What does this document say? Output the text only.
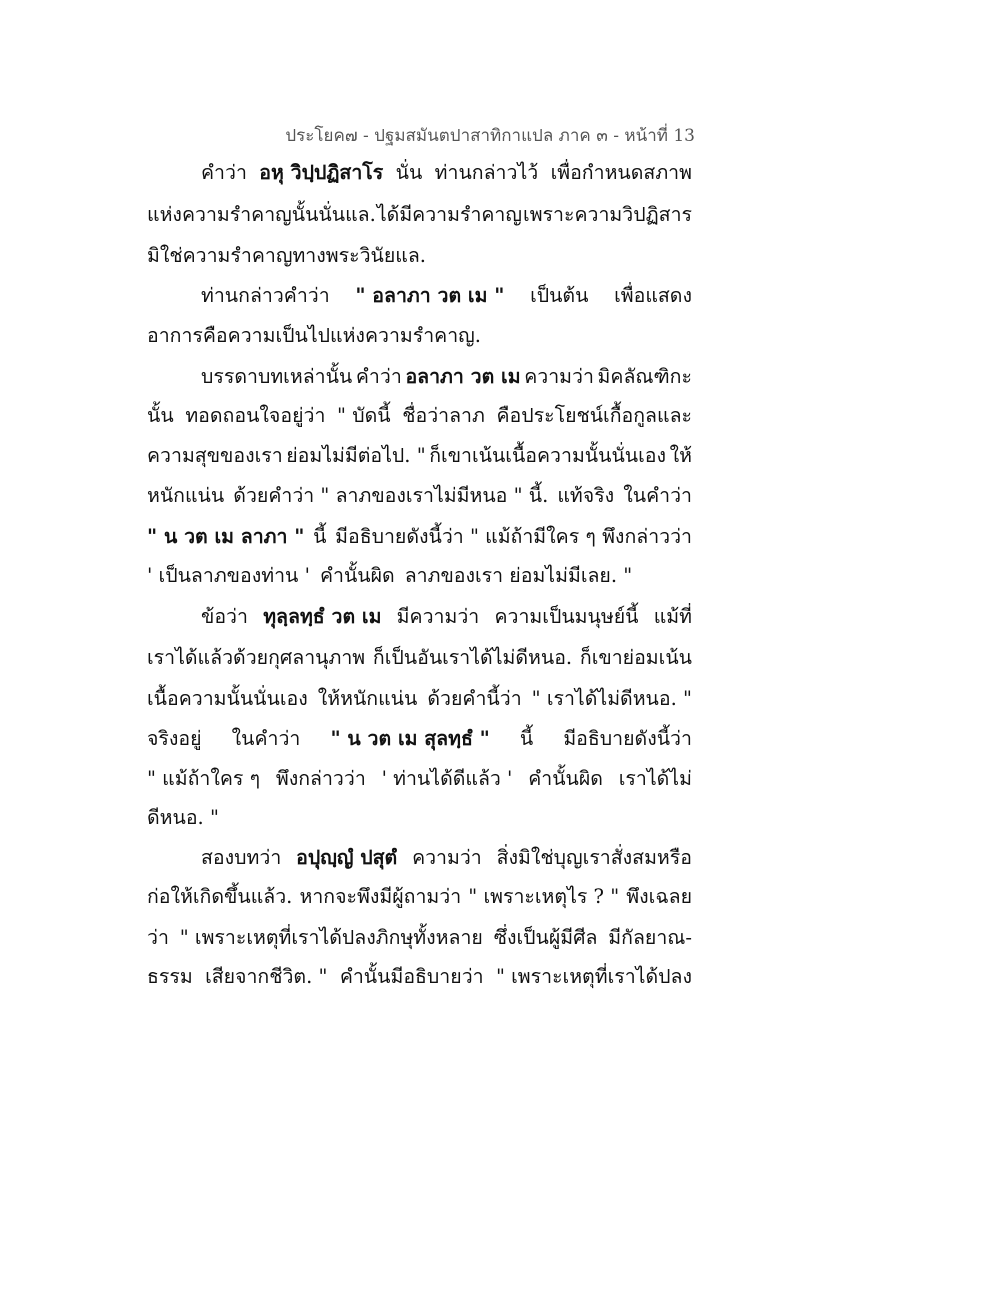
ประโยค๗ - ปฐมสมันตปาสาทิกาแปล ภาค ๓ - หน้าที่ 13
คำว่า อหุ วิปฺปฏิสาโร นั่น ท่านกล่าวไว้ เพื่อกำหนดสภาพ
แห่งความรำคาญนั้นนั่นแล. ได้มีความรำคาญ เพราะความวิปฏิสาร
มิใช่ความรำคาญทางพระวินัยแล.
ท่านกล่าวคำว่า " อลาภา วต เม " เป็นต้น เพื่อแสดง
อาการคือความเป็นไปแห่งความรำคาญ.
บรรดาบทเหล่านั้น คำว่า อลาภา วต เม ความว่า มิคลัณฑิกะ
นั้น ทอดถอนใจอยู่ว่า " บัดนี้ ชื่อว่าลาภ คือประโยชน์เกื้อกูลและ
ความสุขของเรา ย่อมไม่มีต่อไป. " ก็เขาเน้นเนื้อความนั้นนั่นเอง ให้
หนักแน่น ด้วยคำว่า " ลาภของเราไม่มีหนอ " นี้. แท้จริง ในคำว่า
" น วต เม ลาภา " นี้ มีอธิบายดังนี้ว่า " แม้ถ้ามีใคร ๆ พึงกล่าวว่า
' เป็นลาภของท่าน ' คำนั้นผิด ลาภของเรา ย่อมไม่มีเลย. "
ข้อว่า ทุลฺลทฺธํ วต เม มีความว่า ความเป็นมนุษย์นี้ แม้ที่
เราได้แล้วด้วยกุศลานุภาพ ก็เป็นอันเราได้ไม่ดีหนอ. ก็เขาย่อมเน้น
เนื้อความนั้นนั่นเอง ให้หนักแน่น ด้วยคำนี้ว่า " เราได้ไม่ดีหนอ. "
จริงอยู่ ในคำว่า " น วต เม สุลทฺธํ " นี้ มีอธิบายดังนี้ว่า
" แม้ถ้าใคร ๆ พึงกล่าวว่า ' ท่านได้ดีแล้ว ' คำนั้นผิด เราได้ไม่
ดีหนอ. "
สองบทว่า อปุญฺญํ ปสุตํ ความว่า สิ่งมิใช่บุญเราสั่งสมหรือ
ก่อให้เกิดขึ้นแล้ว. หากจะพึงมีผู้ถามว่า " เพราะเหตุไร ? " พึงเฉลย
ว่า " เพราะเหตุที่เราได้ปลงภิกษุทั้งหลาย ซึ่งเป็นผู้มีศีล มีกัลยาณ-
ธรรม เสียจากชีวิต. " คำนั้นมีอธิบายว่า " เพราะเหตุที่เราได้ปลง
